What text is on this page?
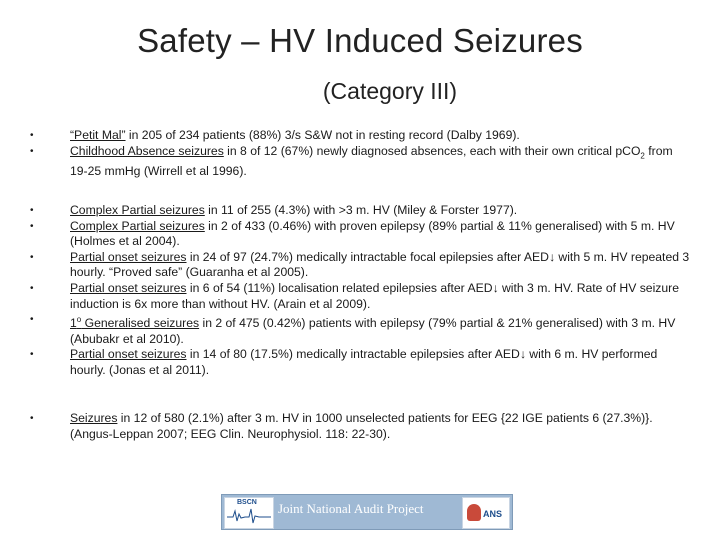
Safety – HV Induced Seizures
(Category III)
•	“Petit Mal” in 205 of 234 patients (88%) 3/s S&W not in resting record (Dalby 1969).
•	Childhood Absence seizures in 8 of 12 (67%) newly diagnosed absences, each with their own critical pCO$_2$ from 19-25 mmHg (Wirrell et al 1996).
•	Complex Partial seizures in 11 of 255 (4.3%) with >3 m. HV (Miley & Forster 1977).
•	Complex Partial seizures in 2 of 433 (0.46%) with proven epilepsy (89% partial & 11% generalised) with 5 m. HV (Holmes et al 2004).
•	Partial onset seizures in 24 of 97 (24.7%) medically intractable focal epilepsies after AED↓ with 5 m. HV repeated 3 hourly. “Proved safe” (Guaranha et al 2005).
•	Partial onset seizures in 6 of 54 (11%) localisation related epilepsies after AED↓ with 3 m. HV. Rate of HV seizure induction is 6x more than without HV. (Arain et al 2009).
•	1$^o$ Generalised seizures in 2 of 475 (0.42%) patients with epilepsy (79% partial & 21% generalised) with 3 m. HV (Abubakr et al 2010).
•	Partial onset seizures in 14 of 80 (17.5%) medically intractable epilepsies after AED↓ with 6 m. HV performed hourly. (Jonas et al 2011).
•	Seizures in 12 of 580 (2.1%) after 3 m. HV in 1000 unselected patients for EEG {22 IGE patients 6 (27.3%)}. (Angus-Leppan 2007; EEG Clin. Neurophysiol. 118: 22-30).
BSCN Joint National Audit Project	ANS
